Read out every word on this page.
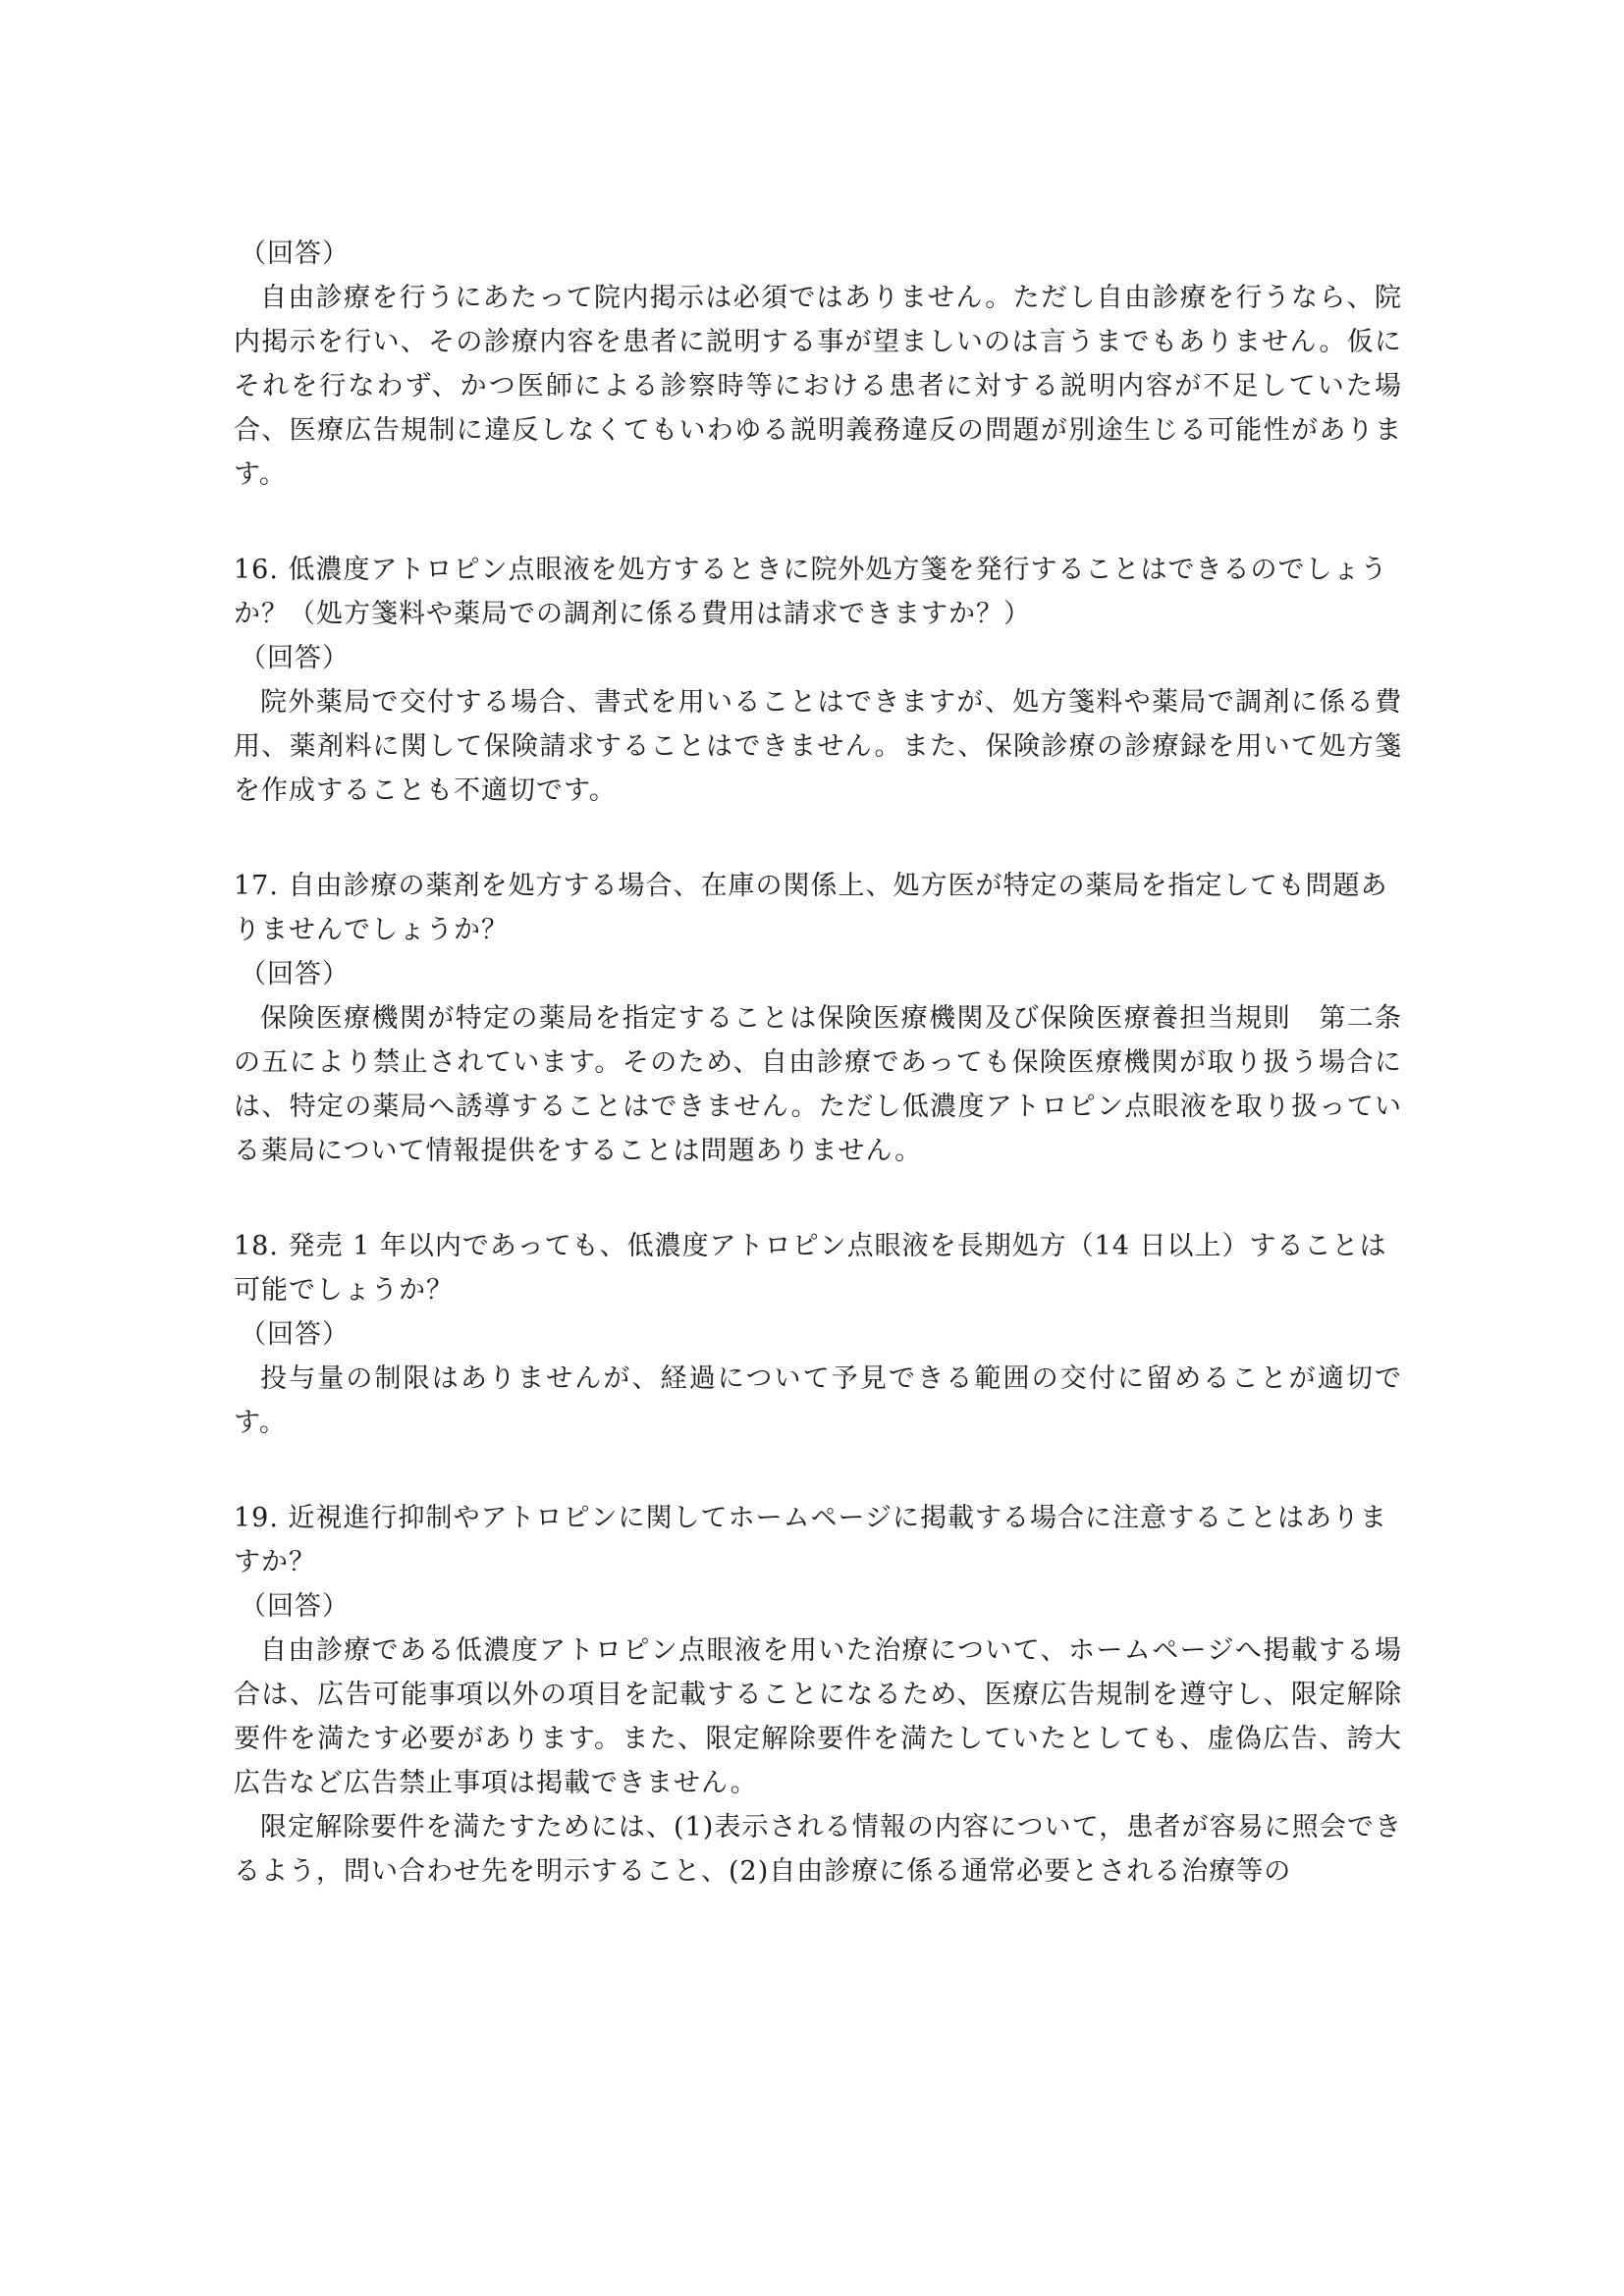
（回答）

自由診療を行うにあたって院内掲示は必須ではありません。ただし自由診療を行うなら、院内掲示を行い、その診療内容を患者に説明する事が望ましいのは言うまでもありません。仮にそれを行なわず、かつ医師による診察時等における患者に対する説明内容が不足していた場合、医療広告規制に違反しなくてもいわゆる説明義務違反の問題が別途生じる可能性があります。

16. 低濃度アトロピン点眼液を処方するときに院外処方箋を発行することはできるのでしょうか？（処方箋料や薬局での調剤に係る費用は請求できますか？）

（回答）

院外薬局で交付する場合、書式を用いることはできますが、処方箋料や薬局で調剤に係る費用、薬剤料に関して保険請求することはできません。また、保険診療の診療録を用いて処方箋を作成することも不適切です。

17. 自由診療の薬剤を処方する場合、在庫の関係上、処方医が特定の薬局を指定しても問題ありませんでしょうか？

（回答）

保険医療機関が特定の薬局を指定することは保険医療機関及び保険医療養担当規則　第二条の五により禁止されています。そのため、自由診療であっても保険医療機関が取り扱う場合には、特定の薬局へ誘導することはできません。ただし低濃度アトロピン点眼液を取り扱っている薬局について情報提供をすることは問題ありません。

18. 発売 1 年以内であっても、低濃度アトロピン点眼液を長期処方（14 日以上）することは可能でしょうか？

（回答）

投与量の制限はありませんが、経過について予見できる範囲の交付に留めることが適切です。

19. 近視進行抑制やアトロピンに関してホームページに掲載する場合に注意することはありますか？

（回答）

自由診療である低濃度アトロピン点眼液を用いた治療について、ホームページへ掲載する場合は、広告可能事項以外の項目を記載することになるため、医療広告規制を遵守し、限定解除要件を満たす必要があります。また、限定解除要件を満たしていたとしても、虚偽広告、誇大広告など広告禁止事項は掲載できません。

限定解除要件を満たすためには、(1)表示される情報の内容について，患者が容易に照会できるよう，問い合わせ先を明示すること、(2)自由診療に係る通常必要とされる治療等の
